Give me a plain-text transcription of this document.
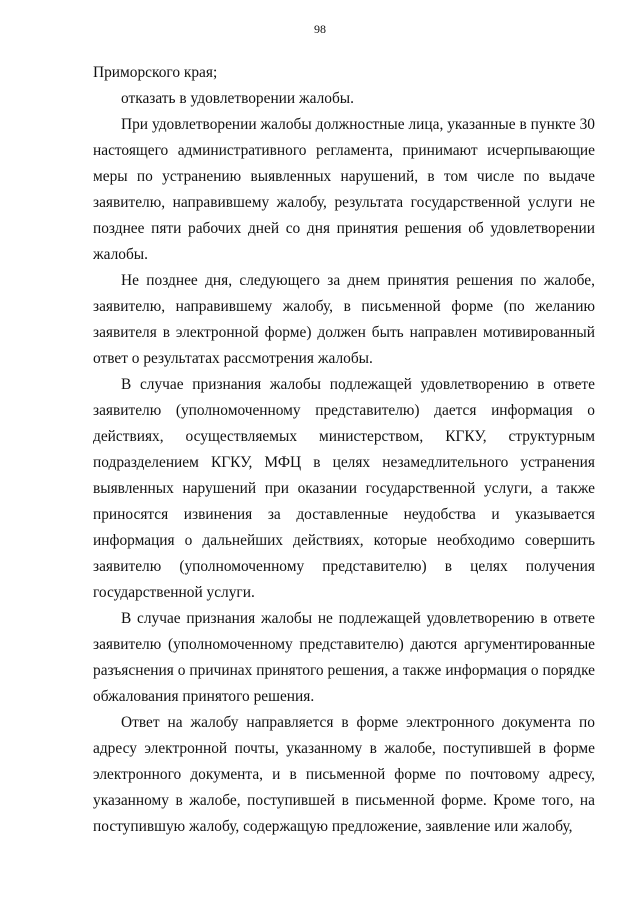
98

Приморского края;

отказать в удовлетворении жалобы.

При удовлетворении жалобы должностные лица, указанные в пункте 30 настоящего административного регламента, принимают исчерпывающие меры по устранению выявленных нарушений, в том числе по выдаче заявителю, направившему жалобу, результата государственной услуги не позднее пяти рабочих дней со дня принятия решения об удовлетворении жалобы.

Не позднее дня, следующего за днем принятия решения по жалобе, заявителю, направившему жалобу, в письменной форме (по желанию заявителя в электронной форме) должен быть направлен мотивированный ответ о результатах рассмотрения жалобы.

В случае признания жалобы подлежащей удовлетворению в ответе заявителю (уполномоченному представителю) дается информация о действиях, осуществляемых министерством, КГКУ, структурным подразделением КГКУ, МФЦ в целях незамедлительного устранения выявленных нарушений при оказании государственной услуги, а также приносятся извинения за доставленные неудобства и указывается информация о дальнейших действиях, которые необходимо совершить заявителю (уполномоченному представителю) в целях получения государственной услуги.

В случае признания жалобы не подлежащей удовлетворению в ответе заявителю (уполномоченному представителю) даются аргументированные разъяснения о причинах принятого решения, а также информация о порядке обжалования принятого решения.

Ответ на жалобу направляется в форме электронного документа по адресу электронной почты, указанному в жалобе, поступившей в форме электронного документа, и в письменной форме по почтовому адресу, указанному в жалобе, поступившей в письменной форме. Кроме того, на поступившую жалобу, содержащую предложение, заявление или жалобу,
